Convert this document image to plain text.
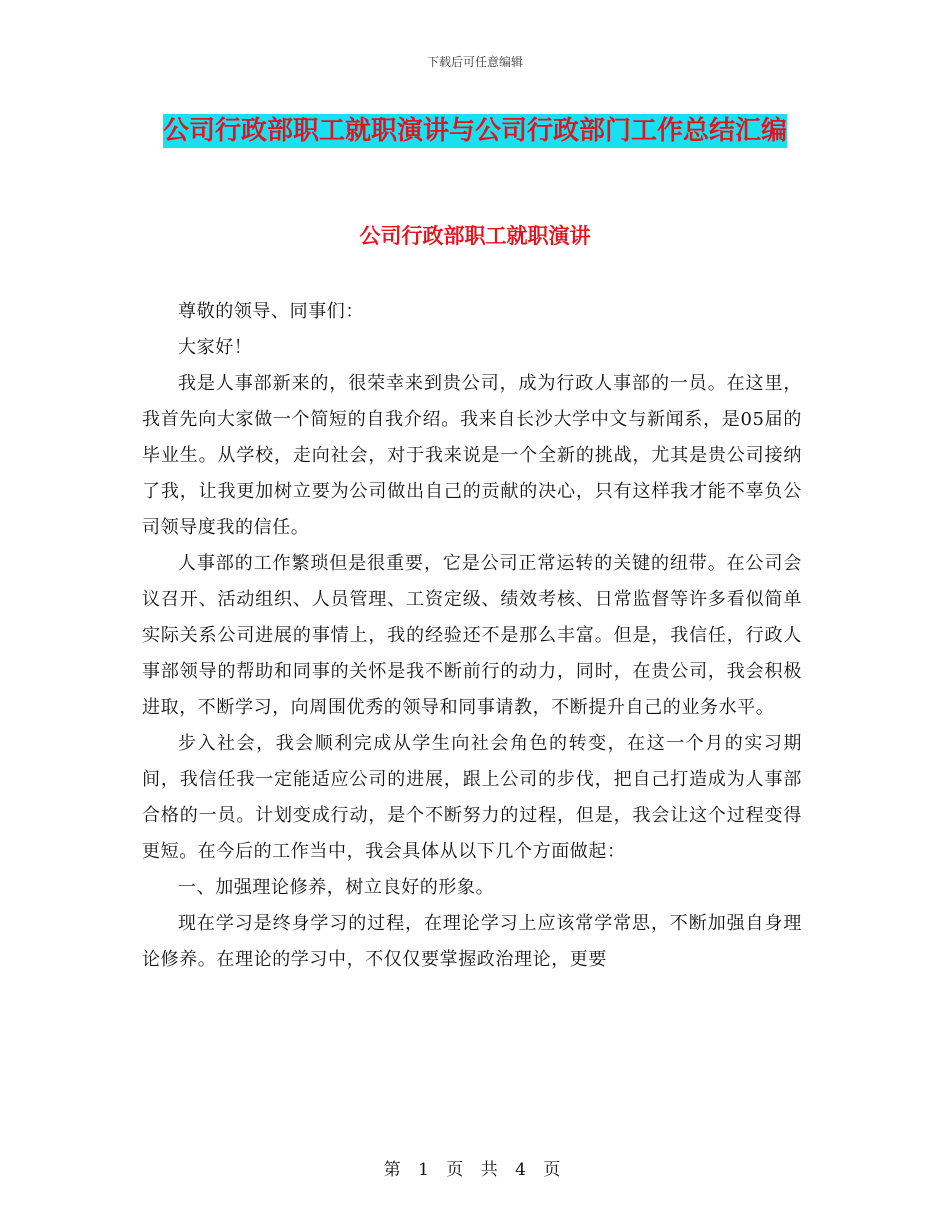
下载后可任意编辑
公司行政部职工就职演讲与公司行政部门工作总结汇编
公司行政部职工就职演讲

尊敬的领导、同事们：

大家好！

我是人事部新来的，很荣幸来到贵公司，成为行政人事部的一员。在这里，我首先向大家做一个简短的自我介绍。我来自长沙大学中文与新闻系，是05届的毕业生。从学校，走向社会，对于我来说是一个全新的挑战，尤其是贵公司接纳了我，让我更加树立要为公司做出自己的贡献的决心，只有这样我才能不辜负公司领导度我的信任。

人事部的工作繁琐但是很重要，它是公司正常运转的关键的纽带。在公司会议召开、活动组织、人员管理、工资定级、绩效考核、日常监督等许多看似简单实际关系公司进展的事情上，我的经验还不是那么丰富。但是，我信任，行政人事部领导的帮助和同事的关怀是我不断前行的动力，同时，在贵公司，我会积极进取，不断学习，向周围优秀的领导和同事请教，不断提升自己的业务水平。

步入社会，我会顺利完成从学生向社会角色的转变，在这一个月的实习期间，我信任我一定能适应公司的进展，跟上公司的步伐，把自己打造成为人事部合格的一员。计划变成行动，是个不断努力的过程，但是，我会让这个过程变得更短。在今后的工作当中，我会具体从以下几个方面做起：

一、加强理论修养，树立良好的形象。

现在学习是终身学习的过程，在理论学习上应该常学常思，不断加强自身理论修养。在理论的学习中，不仅仅要掌握政治理论，更要

第 1 页 共 4 页
